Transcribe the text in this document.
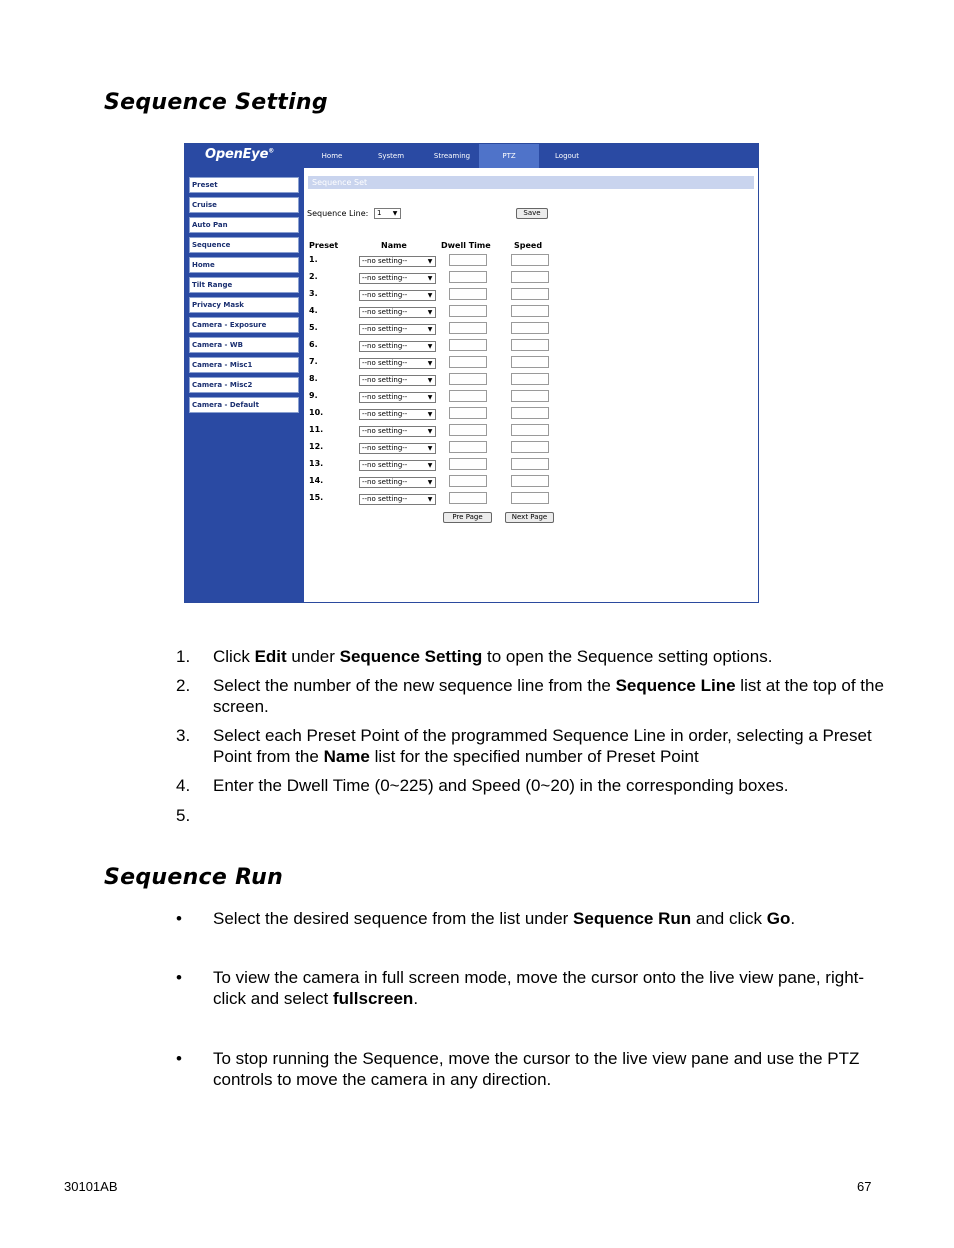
Sequence Setting
OpenEye®
Home	System	Streaming	PTZ	Logout
Preset
Cruise
Auto Pan
Sequence
Home
Tilt Range
Privacy Mask
Camera - Exposure
Camera - WB
Camera - Misc1
Camera - Misc2
Camera - Default
Sequence Set
Sequence Line:	1	▼	Save
Preset	Name	Dwell Time	Speed
1.	--no setting--	▼
2.	--no setting--	▼
3.	--no setting--	▼
4.	--no setting--	▼
5.	--no setting--	▼
6.	--no setting--	▼
7.	--no setting--	▼
8.	--no setting--	▼
9.	--no setting--	▼
10.	--no setting--	▼
11.	--no setting--	▼
12.	--no setting--	▼
13.	--no setting--	▼
14.	--no setting--	▼
15.	--no setting--	▼
Pre Page	Next Page
1. Click Edit under Sequence Setting to open the Sequence setting options.
2. Select the number of the new sequence line from the Sequence Line list at the top of the screen.
3. Select each Preset Point of the programmed Sequence Line in order, selecting a Preset Point from the Name list for the specified number of Preset Point
4. Enter the Dwell Time (0~225) and Speed (0~20) in the corresponding boxes.
5.
Sequence Run
• Select the desired sequence from the list under Sequence Run and click Go.
• To view the camera in full screen mode, move the cursor onto the live view pane, right-click and select fullscreen.
• To stop running the Sequence, move the cursor to the live view pane and use the PTZ controls to move the camera in any direction.
30101AB	67
